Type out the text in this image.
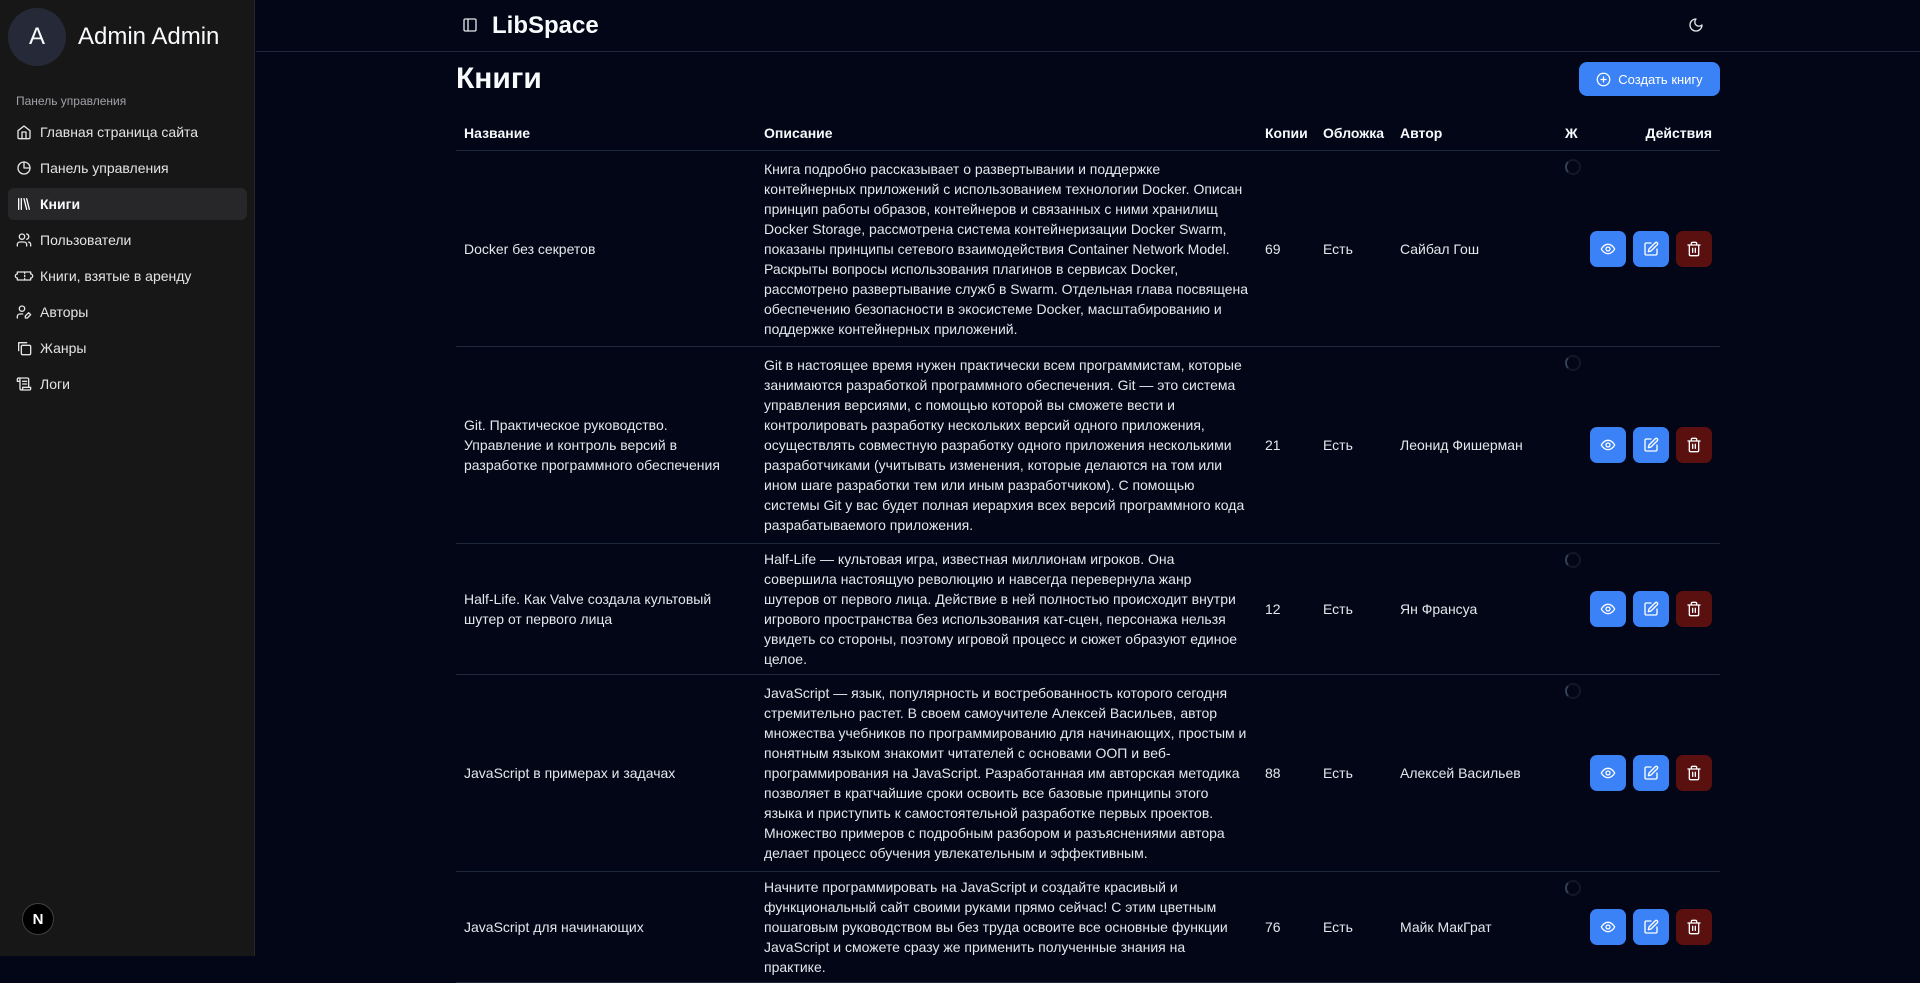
A	Admin Admin
Панель управления
Главная страница сайта
Панель управления
Книги
Пользователи
Книги, взятые в аренду
Авторы
Жанры
Логи
N
LibSpace
Книги	Создать книгу
Название	Описание	Копии	Обложка	Автор	Ж	Действия
Docker без секретов	Книга подробно рассказывает о развертывании и поддержке контейнерных приложений с использованием технологии Docker. Описан принцип работы образов, контейнеров и связанных с ними хранилищ Docker Storage, рассмотрена система контейнеризации Docker Swarm, показаны принципы сетевого взаимодействия Container Network Model. Раскрыты вопросы использования плагинов в сервисах Docker, рассмотрено развертывание служб в Swarm. Отдельная глава посвящена обеспечению безопасности в экосистеме Docker, масштабированию и поддержке контейнерных приложений.	69	Есть	Сайбал Гош	

Git. Практическое руководство. Управление и контроль версий в разработке программного обеспечения	Git в настоящее время нужен практически всем программистам, которые занимаются разработкой программного обеспечения. Git — это система управления версиями, с помощью которой вы сможете вести и контролировать разработку нескольких версий одного приложения, осуществлять совместную разработку одного приложения несколькими разработчиками (учитывать изменения, которые делаются на том или ином шаге разработки тем или иным разработчиком). С помощью системы Git у вас будет полная иерархия всех версий программного кода разрабатываемого приложения.	21	Есть	Леонид Фишерман	

Half-Life. Как Valve создала культовый шутер от первого лица	Half-Life — культовая игра, известная миллионам игроков. Она совершила настоящую революцию и навсегда перевернула жанр шутеров от первого лица. Действие в ней полностью происходит внутри игрового пространства без использования кат-сцен, персонажа нельзя увидеть со стороны, поэтому игровой процесс и сюжет образуют единое целое.	12	Есть	Ян Франсуа	

JavaScript в примерах и задачах	JavaScript — язык, популярность и востребованность которого сегодня стремительно растет. В своем самоучителе Алексей Васильев, автор множества учебников по программированию для начинающих, простым и понятным языком знакомит читателей с основами ООП и веб-программирования на JavaScript. Разработанная им авторская методика позволяет в кратчайшие сроки освоить все базовые принципы этого языка и приступить к самостоятельной разработке первых проектов. Множество примеров с подробным разбором и разъяснениями автора делает процесс обучения увлекательным и эффективным.	88	Есть	Алексей Васильев	

JavaScript для начинающих	Начните программировать на JavaScript и создайте красивый и функциональный сайт своими руками прямо сейчас! С этим цветным пошаговым руководством вы без труда освоите все основные функции JavaScript и сможете сразу же применить полученные знания на практике.	76	Есть	Майк МакГрат	
